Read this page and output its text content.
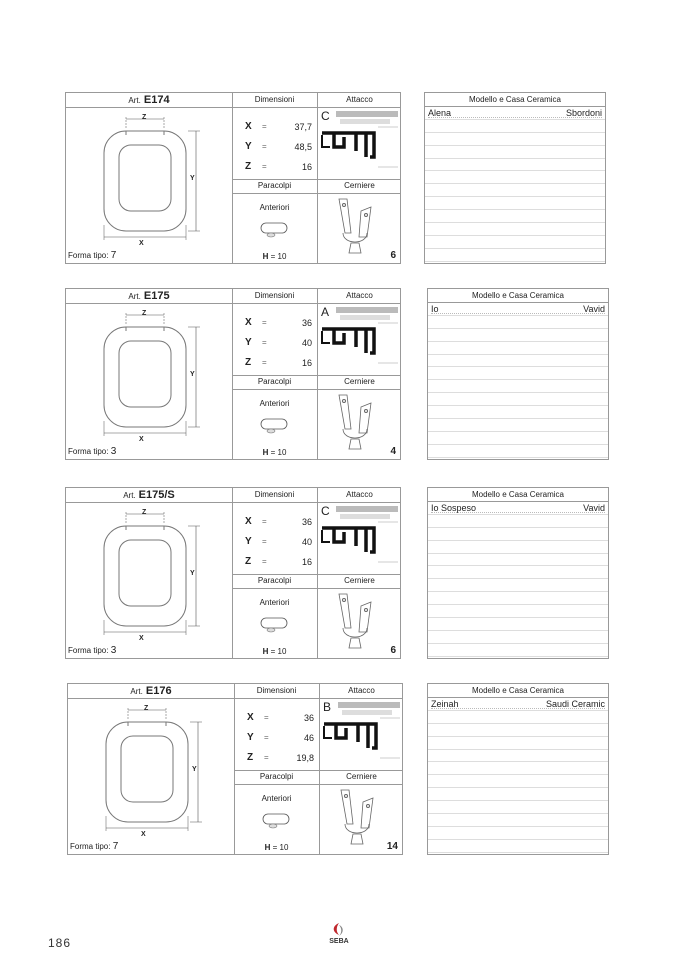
Art. E174	Dimensioni	Attacco
Z
X
Y
Forma tipo: 7
X =	37,7
Y =	48,5
Z =	16
C
Paracolpi	Cerniere
Anteriori
H = 10	6
Modello e Casa Ceramica
Alena	Sbordoni
Art. E175	Dimensioni	Attacco
Z
X
Y
Forma tipo: 3
X =	36
Y =	40
Z =	16
A
Paracolpi	Cerniere
Anteriori
H = 10	4
Modello e Casa Ceramica
Io	Vavid
Art. E175/S	Dimensioni	Attacco
Z
X
Y
Forma tipo: 3
X =	36
Y =	40
Z =	16
C
Paracolpi	Cerniere
Anteriori
H = 10	6
Modello e Casa Ceramica
Io Sospeso	Vavid
Art. E176	Dimensioni	Attacco
Z
X
Y
Forma tipo: 7
X =	36
Y =	46
Z =	19,8
B
Paracolpi	Cerniere
Anteriori
H = 10	14
Modello e Casa Ceramica
Zeinah	Saudi Ceramic
186	SEBA
